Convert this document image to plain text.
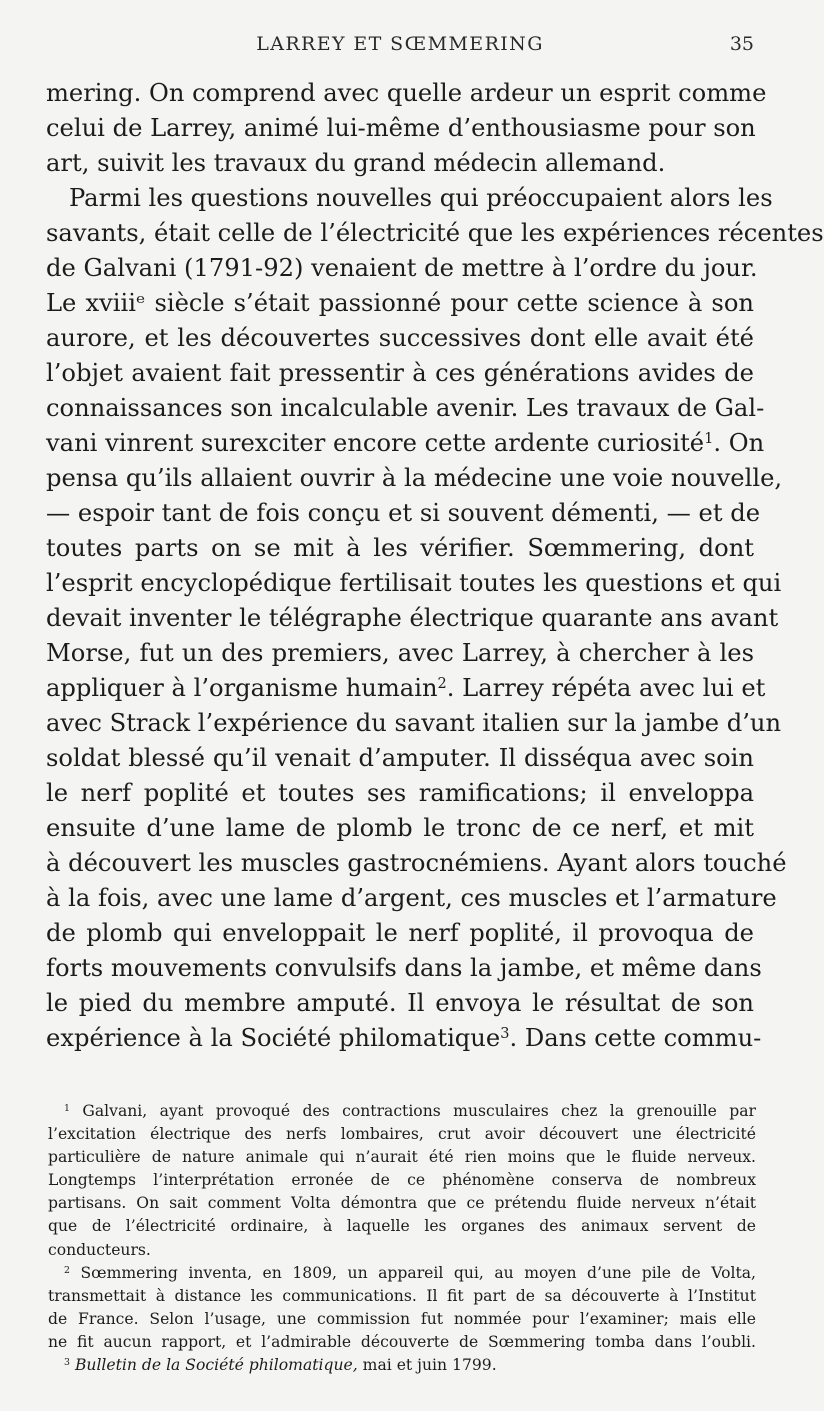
LARREY ET SŒMMERING	35
mering. On comprend avec quelle ardeur un esprit comme
celui de Larrey, animé lui-même d’enthousiasme pour son
art, suivit les travaux du grand médecin allemand.
Parmi les questions nouvelles qui préoccupaient alors les
savants, était celle de l’électricité que les expériences récentes
de Galvani (1791-92) venaient de mettre à l’ordre du jour.
Le xviiiᵉ siècle s’était passionné pour cette science à son
aurore, et les découvertes successives dont elle avait été
l’objet avaient fait pressentir à ces générations avides de
connaissances son incalculable avenir. Les travaux de Gal-
vani vinrent surexciter encore cette ardente curiosité$^1$. On
pensa qu’ils allaient ouvrir à la médecine une voie nouvelle,
— espoir tant de fois conçu et si souvent démenti, — et de
toutes parts on se mit à les vérifier. Sœmmering, dont
l’esprit encyclopédique fertilisait toutes les questions et qui
devait inventer le télégraphe électrique quarante ans avant
Morse, fut un des premiers, avec Larrey, à chercher à les
appliquer à l’organisme humain$^2$. Larrey répéta avec lui et
avec Strack l’expérience du savant italien sur la jambe d’un
soldat blessé qu’il venait d’amputer. Il disséqua avec soin
le nerf poplité et toutes ses ramifications; il enveloppa
ensuite d’une lame de plomb le tronc de ce nerf, et mit
à découvert les muscles gastrocnémiens. Ayant alors touché
à la fois, avec une lame d’argent, ces muscles et l’armature
de plomb qui enveloppait le nerf poplité, il provoqua de
forts mouvements convulsifs dans la jambe, et même dans
le pied du membre amputé. Il envoya le résultat de son
expérience à la Société philomatique$^3$. Dans cette commu-
$^1$ Galvani, ayant provoqué des contractions musculaires chez la grenouille par
l’excitation électrique des nerfs lombaires, crut avoir découvert une électricité
particulière de nature animale qui n’aurait été rien moins que le fluide nerveux.
Longtemps l’interprétation erronée de ce phénomène conserva de nombreux
partisans. On sait comment Volta démontra que ce prétendu fluide nerveux n’était
que de l’électricité ordinaire, à laquelle les organes des animaux servent de
conducteurs.
$^2$ Sœmmering inventa, en 1809, un appareil qui, au moyen d’une pile de Volta,
transmettait à distance les communications. Il fit part de sa découverte à l’Institut
de France. Selon l’usage, une commission fut nommée pour l’examiner; mais elle
ne fit aucun rapport, et l’admirable découverte de Sœmmering tomba dans l’oubli.
$^3$ Bulletin de la Société philomatique, mai et juin 1799.
